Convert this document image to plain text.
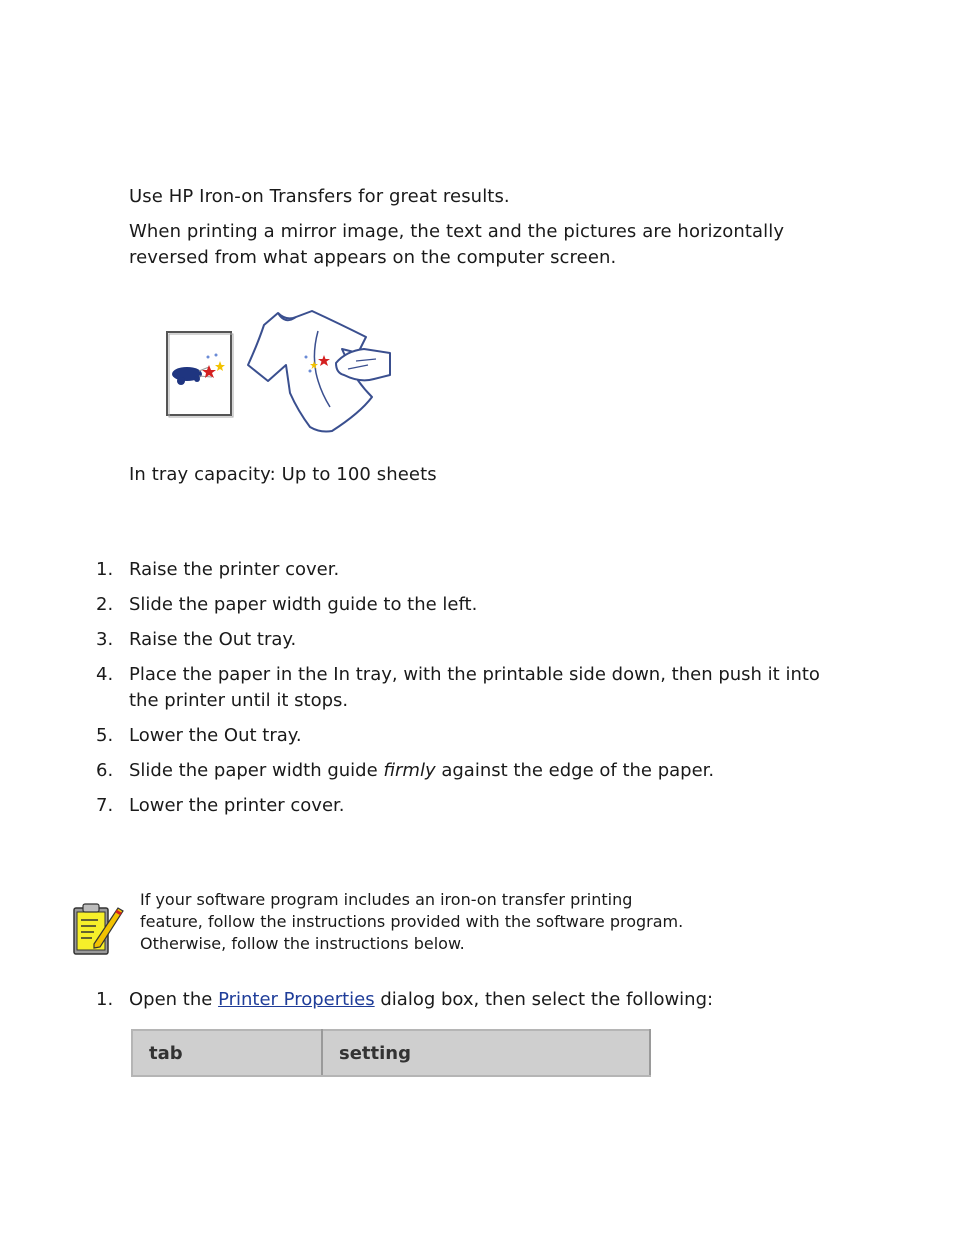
Use HP Iron-on Transfers for great results.

When printing a mirror image, the text and the pictures are horizontally

reversed from what appears on the computer screen.

In tray capacity: Up to 100 sheets

1. Raise the printer cover.
2. Slide the paper width guide to the left.
3. Raise the Out tray.
4. Place the paper in the In tray, with the printable side down, then push it into
the printer until it stops.
5. Lower the Out tray.
6. Slide the paper width guide firmly against the edge of the paper.
7. Lower the printer cover.
If your software program includes an iron-on transfer printing
feature, follow the instructions provided with the software program.
Otherwise, follow the instructions below.
1. Open the Printer Properties dialog box, then select the following:
tab	setting
